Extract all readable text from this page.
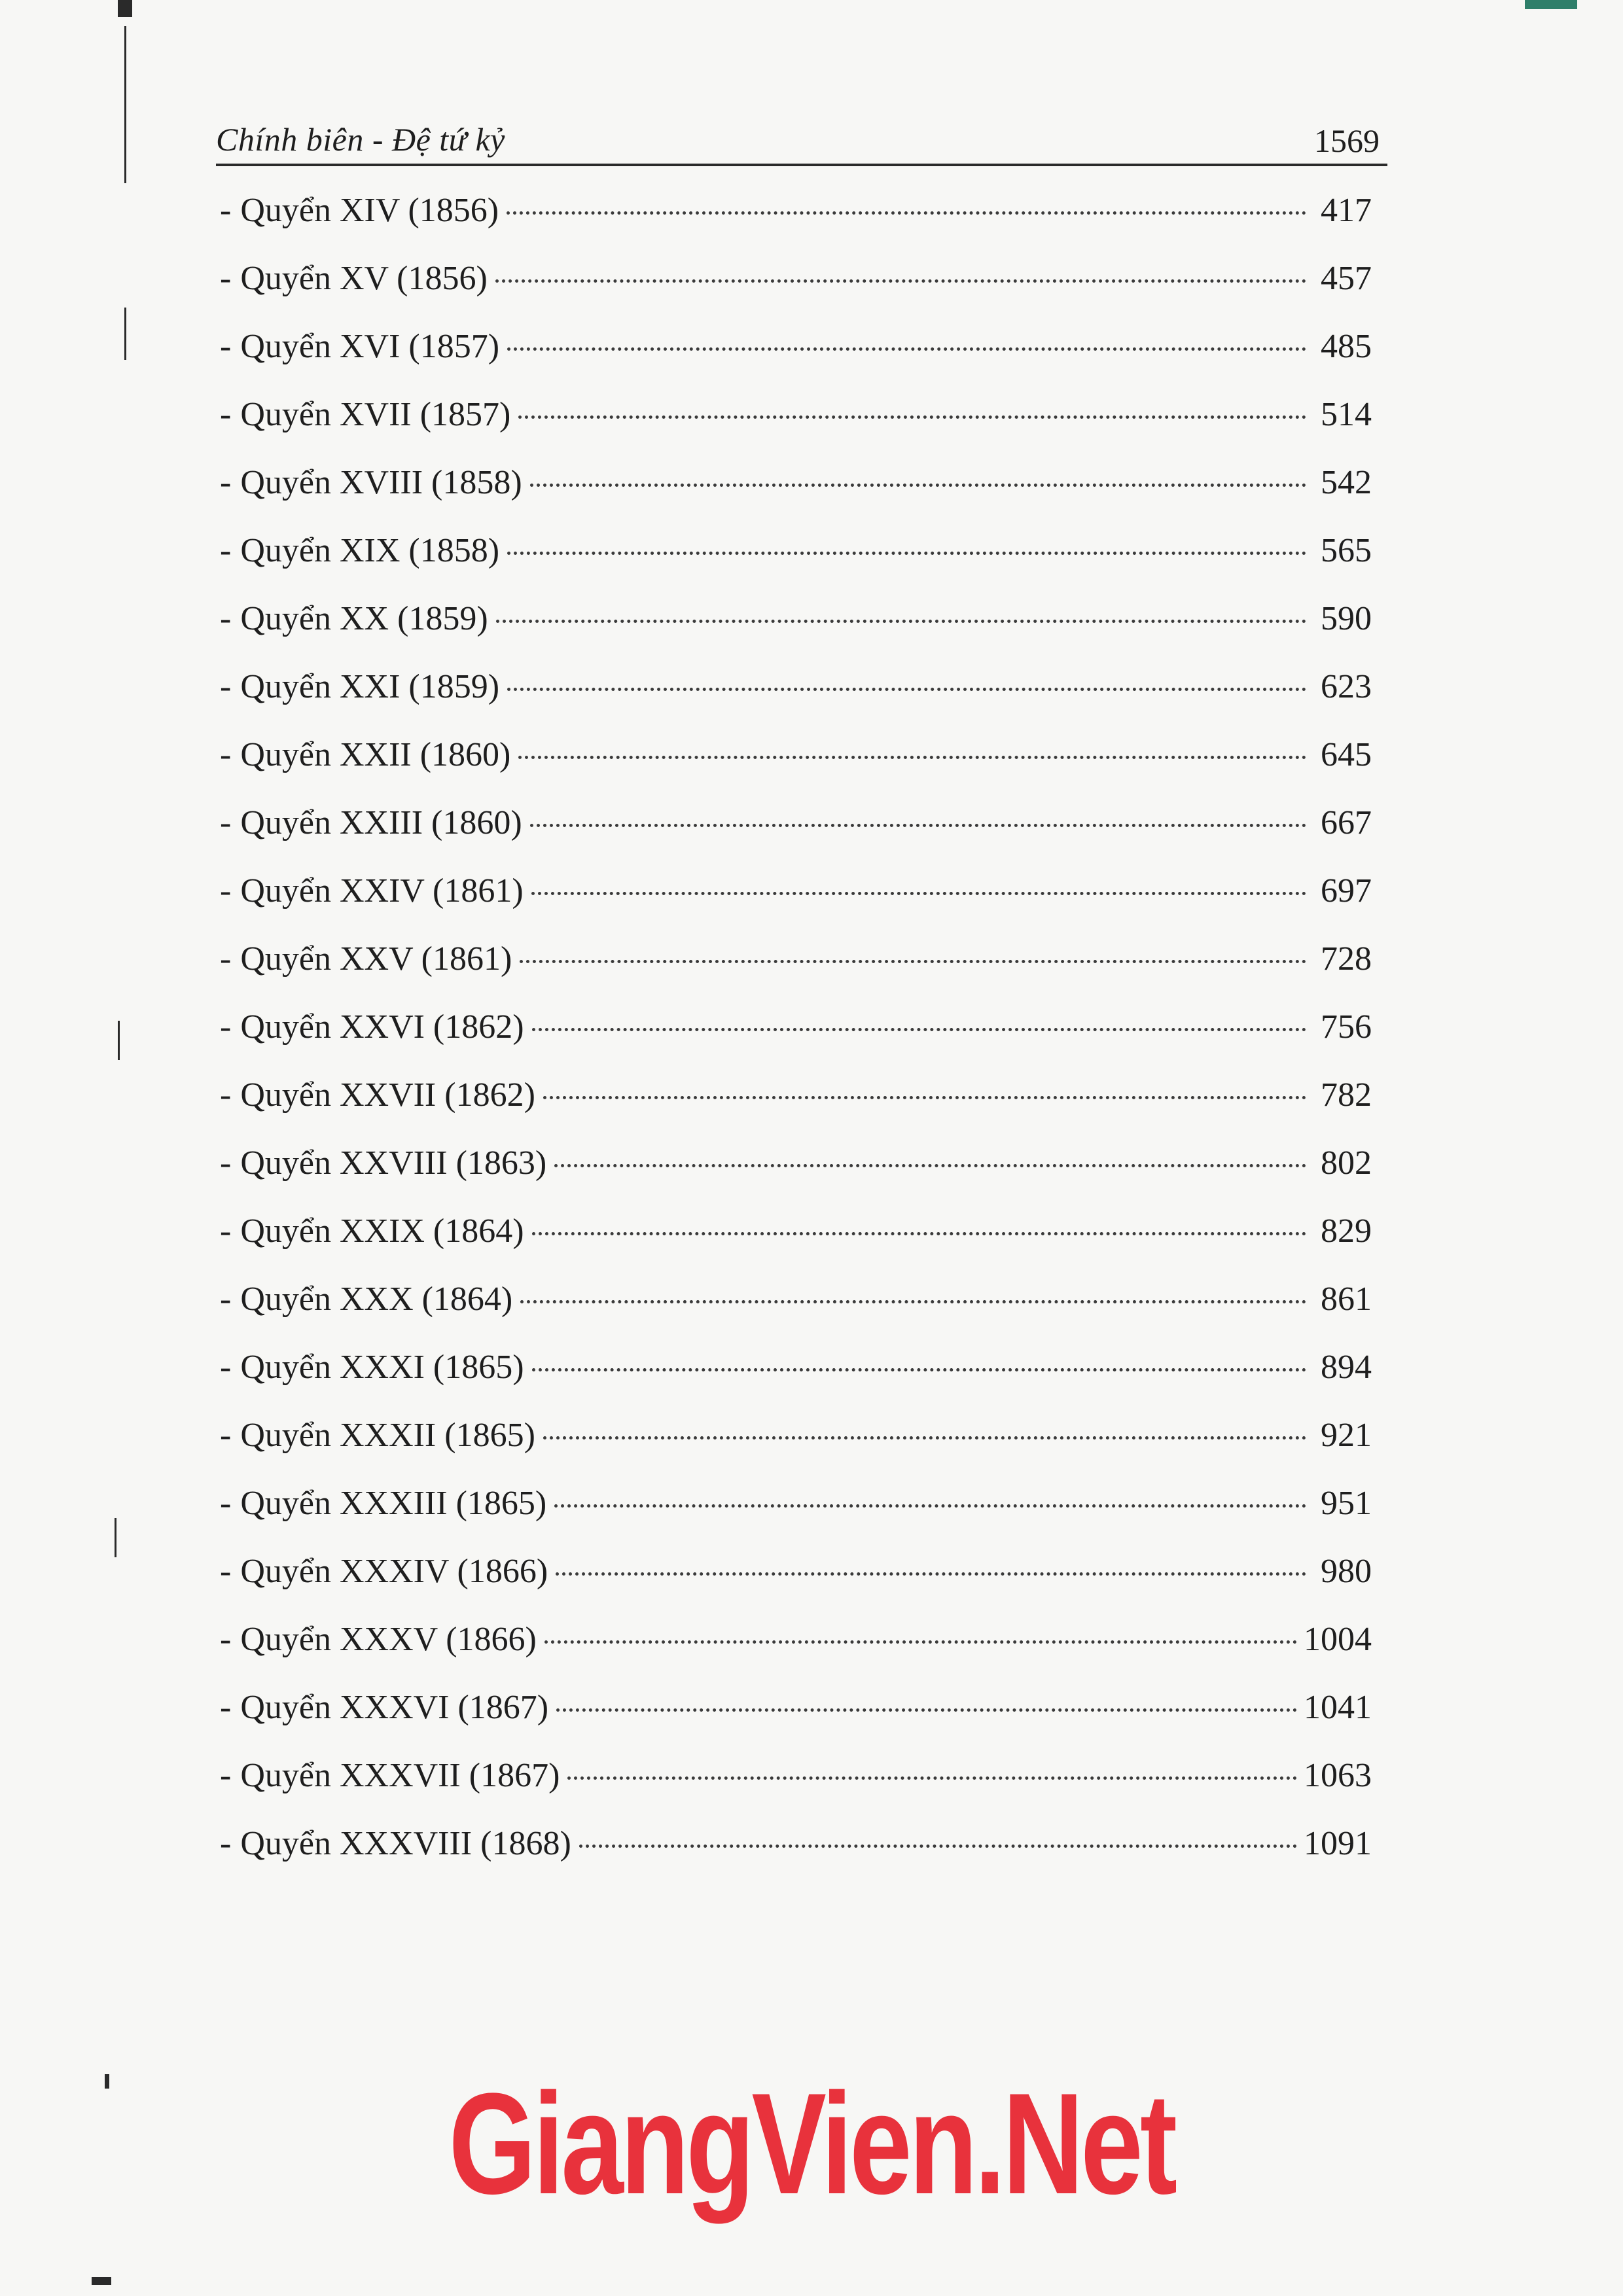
Chính biên - Đệ tứ kỷ	1569
- Quyển XIV (1856)	417
- Quyển XV (1856)	457
- Quyển XVI (1857)	485
- Quyển XVII (1857)	514
- Quyển XVIII (1858)	542
- Quyển XIX (1858)	565
- Quyển XX (1859)	590
- Quyển XXI (1859)	623
- Quyển XXII (1860)	645
- Quyển XXIII (1860)	667
- Quyển XXIV (1861)	697
- Quyển XXV (1861)	728
- Quyển XXVI (1862)	756
- Quyển XXVII (1862)	782
- Quyển XXVIII (1863)	802
- Quyển XXIX (1864)	829
- Quyển XXX (1864)	861
- Quyển XXXI (1865)	894
- Quyển XXXII (1865)	921
- Quyển XXXIII (1865)	951
- Quyển XXXIV (1866)	980
- Quyển XXXV (1866)	1004
- Quyển XXXVI (1867)	1041
- Quyển XXXVII (1867)	1063
- Quyển XXXVIII (1868)	1091
GiangVien.Net
